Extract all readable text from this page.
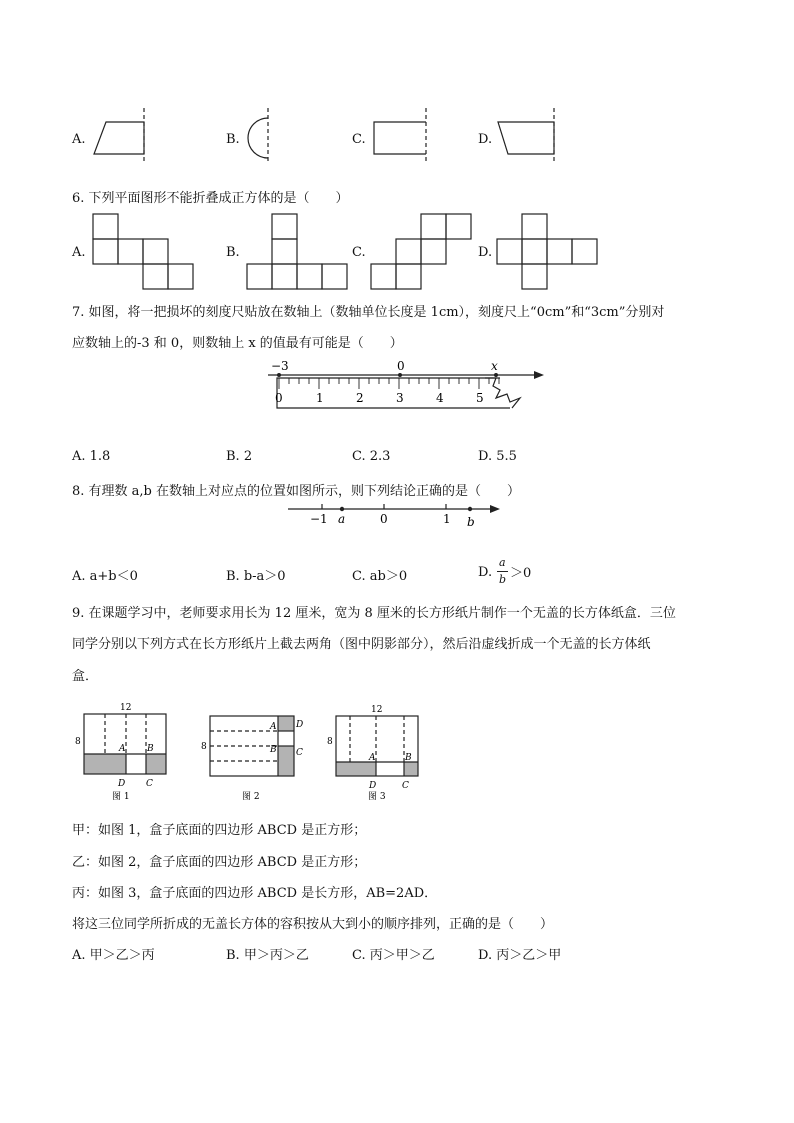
A.	B.	C.	D.
6. 下列平面图形不能折叠成正方体的是（　　）
A.	B.	C.	D.
7. 如图，将一把损坏的刻度尺贴放在数轴上（数轴单位长度是 1cm），刻度尺上“0cm”和“3cm”分别对
应数轴上的-3 和 0，则数轴上 x 的值最有可能是（　　）
−3	0	x
0	1	2	3	4	5
A. 1.8	B. 2	C. 2.3	D. 5.5
8. 有理数 a,b 在数轴上对应点的位置如图所示，则下列结论正确的是（　　）
−1 a	0	1 b
A. a+b＜0	B. b-a＞0	C. ab＞0	D.
a
b ＞0
9. 在课题学习中，老师要求用长为 12 厘米，宽为 8 厘米的长方形纸片制作一个无盖的长方体纸盒．三位
同学分别以下列方式在长方形纸片上截去两角（图中阴影部分），然后沿虚线折成一个无盖的长方体纸
盒．
12
8
A B
D C
图 1
8
A D
B C
图 2
12
8
A	B
D	C
图 3
甲：如图 1，盒子底面的四边形 ABCD 是正方形；
乙：如图 2，盒子底面的四边形 ABCD 是正方形；
丙：如图 3，盒子底面的四边形 ABCD 是长方形，AB=2AD．
将这三位同学所折成的无盖长方体的容积按从大到小的顺序排列，正确的是（　　）
A. 甲＞乙＞丙	B. 甲＞丙＞乙	C. 丙＞甲＞乙	D. 丙＞乙＞甲
